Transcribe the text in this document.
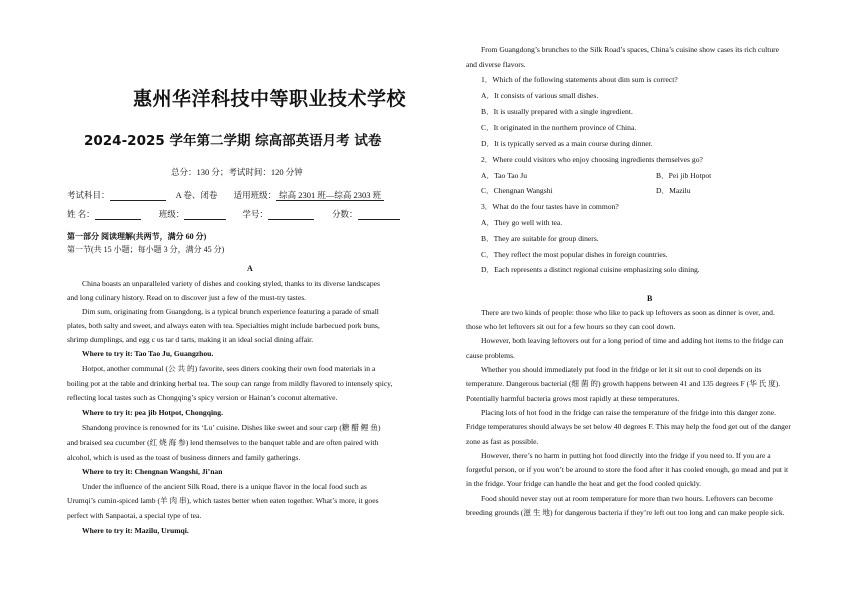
惠州华洋科技中等职业技术学校
2024-2025 学年第二学期 综高部英语月考 试卷
总分：130 分；考试时间：120 分钟
考试科目：	A 卷、闭卷 适用班级： 综高 2301 班—综高 2303 班
姓 名：	班级：	学号：	分数：
第一部分 阅读理解(共两节，满分 60 分)
第一节(共 15 小题；每小题 3 分，满分 45 分)
A
China boasts an unparalleled variety of dishes and cooking styled, thanks to its diverse landscapes
and long culinary history. Read on to discover just a few of the must-try tastes.
Dim sum, originating from Guangdong, is a typical brunch experience featuring a parade of small
plates, both salty and sweet, and always eaten with tea. Specialties might include barbecued pork buns,
shrimp dumplings, and egg c us tar d tarts, making it an ideal social dining affair.
Where to try it: Tao Tao Ju, Guangzhou.
Hotpot, another communal (公 共 的) favorite, sees diners cooking their own food materials in a
boiling pot at the table and drinking herbal tea. The soup can range from mildly flavored to intensely spicy,
reflecting local tastes such as Chongqing’s spicy version or Hainan’s coconut alternative.
Where to try it: pea jib Hotpot, Chongqing.
Shandong province is renowned for its ‘Lu’ cuisine. Dishes like sweet and sour carp (糖 醋 鲤 鱼)
and braised sea cucumber (红 烧 海 参) lend themselves to the banquet table and are often paired with
alcohol, which is used as the toast of business dinners and family gatherings.
Where to try it: Chengnan Wangshi, Ji’nan
Under the influence of the ancient Silk Road, there is a unique flavor in the local food such as
Urumqi’s cumin-spiced lamb (羊 肉 串), which tastes better when eaten together. What’s more, it goes
perfect with Sanpaotai, a special type of tea.
Where to try it: Mazilu, Urumqi.
From Guangdong’s brunches to the Silk Road’s spaces, China’s cuisine show cases its rich culture
and diverse flavors.
1．Which of the following statements about dim sum is correct?
A．It consists of various small dishes.
B．It is usually prepared with a single ingredient.
C．It originated in the northern province of China.
D．It is typically served as a main course during dinner.
2．Where could visitors who enjoy choosing ingredients themselves go?
A．Tao Tao Ju	B．Pei jib Hotpot
C．Chengnan Wangshi	D．Mazilu
3．What do the four tastes have in common?
A．They go well with tea.
B．They are suitable for group diners.
C．They reflect the most popular dishes in foreign countries.
D．Each represents a distinct regional cuisine emphasizing solo dining.
B
There are two kinds of people: those who like to pack up leftovers as soon as dinner is over, and.
those who let leftovers sit out for a few hours so they can cool down.
However, both leaving leftovers out for a long period of time and adding hot items to the fridge can
cause problems.
Whether you should immediately put food in the fridge or let it sit out to cool depends on its
temperature. Dangerous bacterial (细 菌 的) growth happens between 41 and 135 degrees F (华 氏 度).
Potentially harmful bacteria grows most rapidly at these temperatures.
Placing lots of hot food in the fridge can raise the temperature of the fridge into this danger zone.
Fridge temperatures should always be set below 40 degrees F. This may help the food get out of the danger
zone as fast as possible.
However, there’s no harm in putting hot food directly into the fridge if you need to. If you are a
forgetful person, or if you won’t be around to store the food after it has cooled enough, go mead and put it
in the fridge. Your fridge can handle the heat and get the food cooled quickly.
Food should never stay out at room temperature for more than two hours. Leftovers can become
breeding grounds (滋 生 地) for dangerous bacteria if they’re left out too long and can make people sick.
